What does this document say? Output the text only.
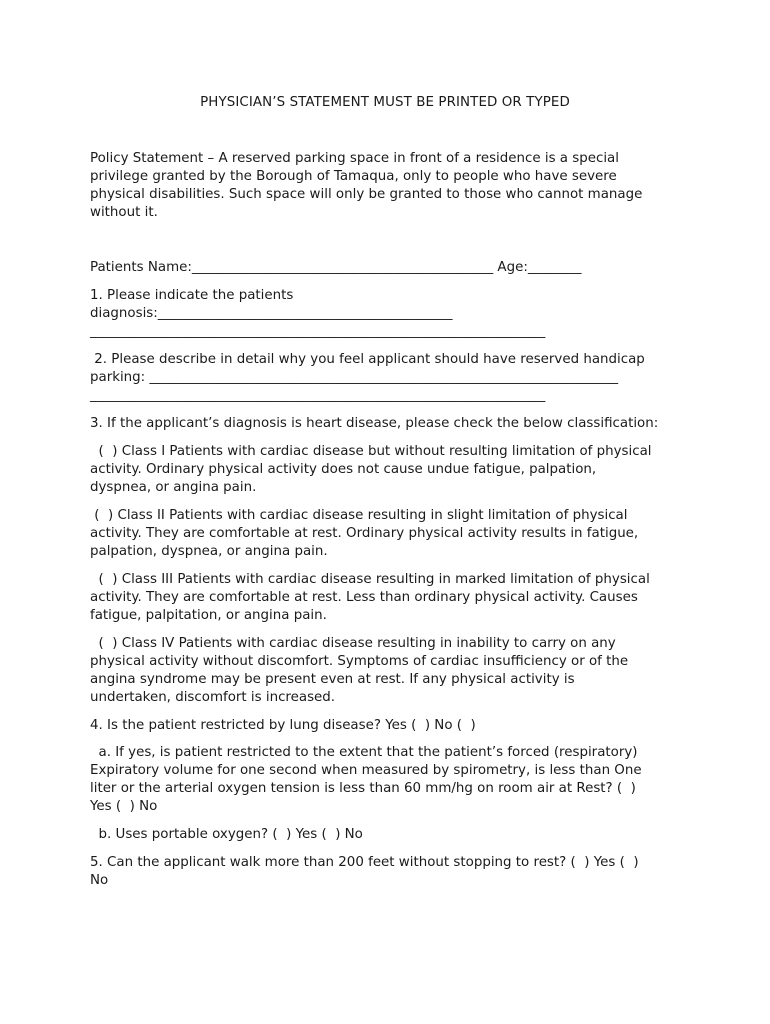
PHYSICIAN’S STATEMENT MUST BE PRINTED OR TYPED
Policy Statement – A reserved parking space in front of a residence is a special
privilege granted by the Borough of Tamaqua, only to people who have severe
physical disabilities. Such space will only be granted to those who cannot manage
without it.
Patients Name:_____________________________________________ Age:________
1. Please indicate the patients
diagnosis:____________________________________________
____________________________________________________________________
2. Please describe in detail why you feel applicant should have reserved handicap
parking: ______________________________________________________________________
____________________________________________________________________
3. If the applicant’s diagnosis is heart disease, please check the below classification:
(  ) Class I Patients with cardiac disease but without resulting limitation of physical
activity. Ordinary physical activity does not cause undue fatigue, palpation,
dyspnea, or angina pain.
(  ) Class II Patients with cardiac disease resulting in slight limitation of physical
activity. They are comfortable at rest. Ordinary physical activity results in fatigue,
palpation, dyspnea, or angina pain.
(  ) Class III Patients with cardiac disease resulting in marked limitation of physical
activity. They are comfortable at rest. Less than ordinary physical activity. Causes
fatigue, palpitation, or angina pain.
(  ) Class IV Patients with cardiac disease resulting in inability to carry on any
physical activity without discomfort. Symptoms of cardiac insufficiency or of the
angina syndrome may be present even at rest. If any physical activity is
undertaken, discomfort is increased.
4. Is the patient restricted by lung disease? Yes (  ) No (  )
a. If yes, is patient restricted to the extent that the patient’s forced (respiratory)
Expiratory volume for one second when measured by spirometry, is less than One
liter or the arterial oxygen tension is less than 60 mm/hg on room air at Rest? (  )
Yes (  ) No
b. Uses portable oxygen? (  ) Yes (  ) No
5. Can the applicant walk more than 200 feet without stopping to rest? (  ) Yes (  )
No
